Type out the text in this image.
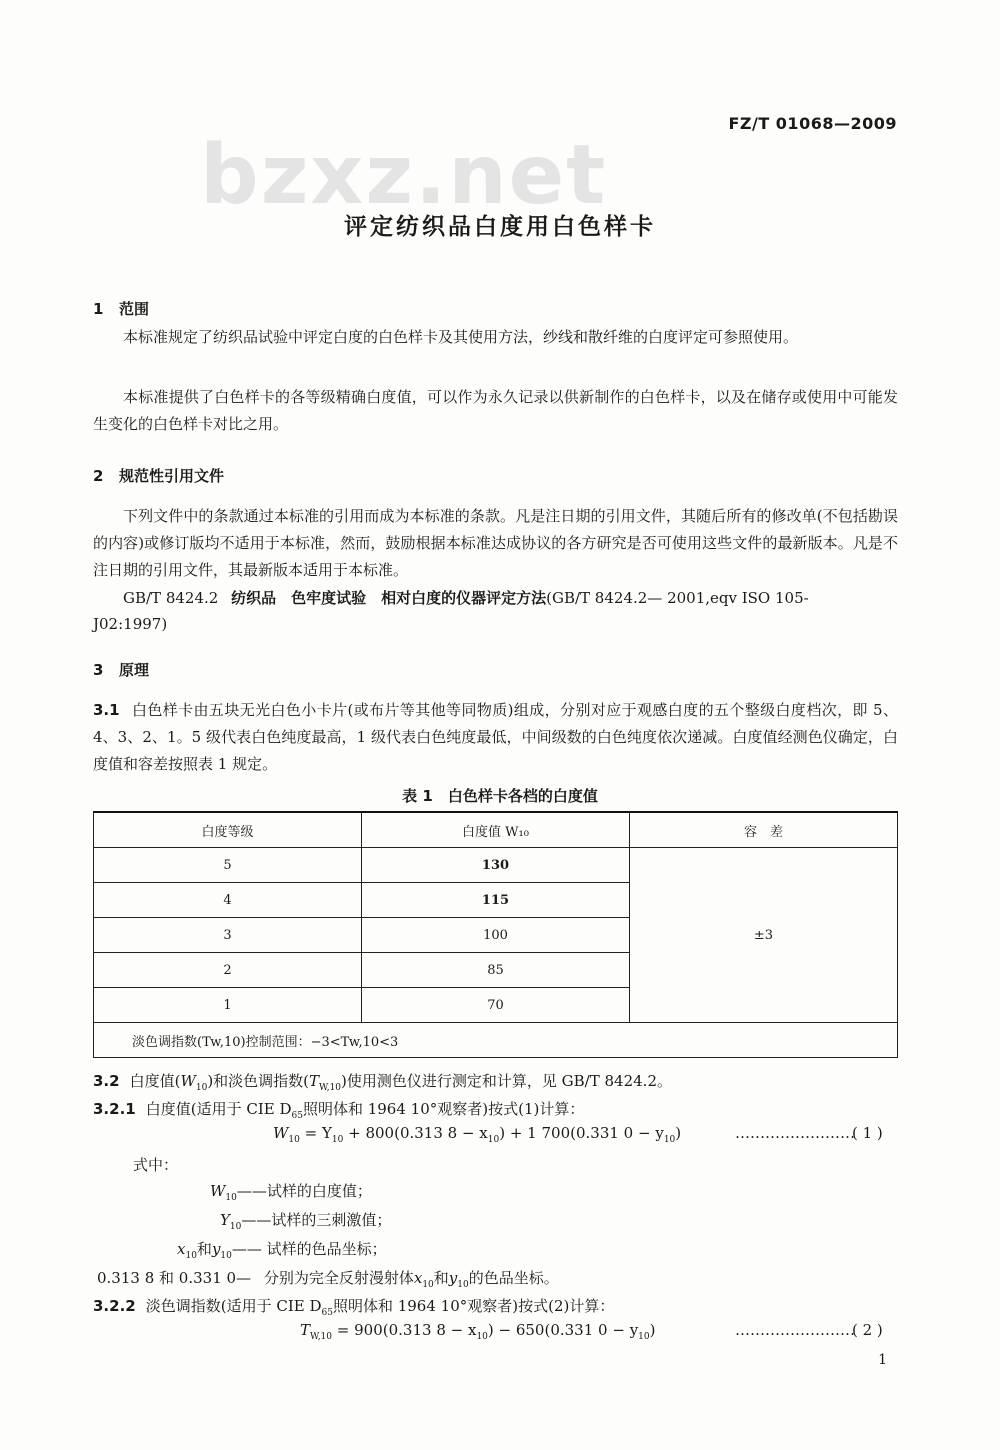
FZ/T 01068—2009
bzxz.net
评定纺织品白度用白色样卡
1 范围

本标准规定了纺织品试验中评定白度的白色样卡及其使用方法，纱线和散纤维的白度评定可参照使用。

本标准提供了白色样卡的各等级精确白度值，可以作为永久记录以供新制作的白色样卡，以及在储存或使用中可能发生变化的白色样卡对比之用。

2 规范性引用文件

下列文件中的条款通过本标准的引用而成为本标准的条款。凡是注日期的引用文件，其随后所有的修改单(不包括勘误的内容)或修订版均不适用于本标准，然而，鼓励根据本标准达成协议的各方研究是否可使用这些文件的最新版本。凡是不注日期的引用文件，其最新版本适用于本标准。

GB/T 8424.2 纺织品　色牢度试验　相对白度的仪器评定方法(GB/T 8424.2— 2001,eqv ISO 105-
J02:1997)
3 原理

3.1 白色样卡由五块无光白色小卡片(或布片等其他等同物质)组成，分别对应于观感白度的五个整级白度档次，即 5、4、3、2、1。5 级代表白色纯度最高，1 级代表白色纯度最低，中间级数的白色纯度依次递减。白度值经测色仪确定，白度值和容差按照表 1 规定。

表 1　白色样卡各档的白度值
白度等级	白度值 W₁₀	容　差
5	130	±3
4	115	
3	100	
2	85	
1	70	
淡色调指数(Tw,10)控制范围：−3<Tw,10<3		
3.2 白度值$(W_{10})$和淡色调指数$(T_{W,10})$使用测色仪进行测定和计算，见 GB/T 8424.2。
3.2.1 白度值(适用于 CIE $D_{65}$照明体和 1964 10°观察者)按式(1)计算：
$W_{10} = Y_{10} + 800(0.313$ $8 - x_{10}) + 1$ 700(0.331 $0 - y_{10}$)	……………………
( 1 )
式中：
$W_{10}——$试样的白度值；
$Y_{10}——$试样的三刺激值；
$x_{10}$和$y_{10}——$ 试样的色品坐标；
0.313 8 和 0.331 0— 分别为完全反射漫射体$x_{10}$和$y_{10}$的色品坐标。
3.2.2 淡色调指数(适用于 CIE $D_{65}$照明体和 1964 10°观察者)按式(2)计算：
$T_{W,10} = 900(0.313$ $8 - x_{10}) - 650(0.331$ $0 - y_{10}$)	……………………
( 2 )
1
